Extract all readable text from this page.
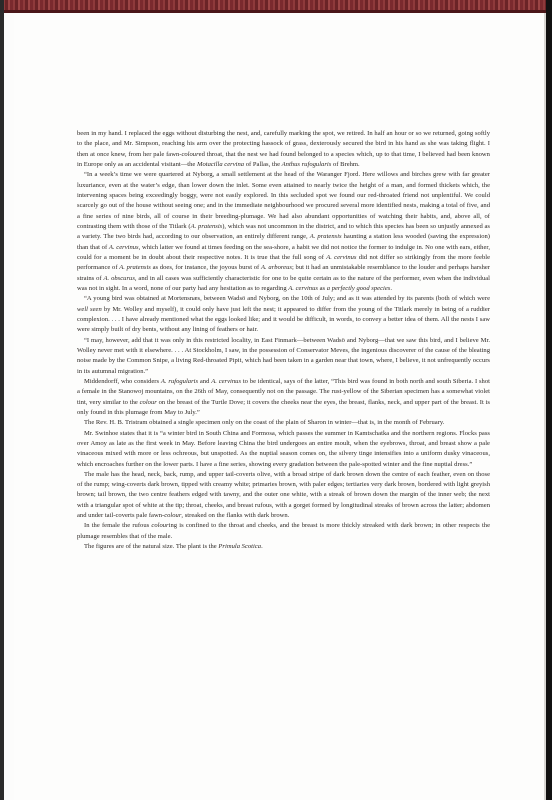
been in my hand. I replaced the eggs without disturbing the nest, and, carefully marking the spot, we retired. In half an hour or so we returned, going softly to the place, and Mr. Simpson, reaching his arm over the protecting hassock of grass, dexterously secured the bird in his hand as she was taking flight. I then at once knew, from her pale fawn-coloured throat, that the nest we had found belonged to a species which, up to that time, I believed had been known in Europe only as an accidental visitant—the Motacilla cervina of Pallas, the Anthus rufogularis of Brehm.

“In a week’s time we were quartered at Nyborg, a small settlement at the head of the Waranger Fjord. Here willows and birches grew with far greater luxuriance, even at the water’s edge, than lower down the inlet. Some even attained to nearly twice the height of a man, and formed thickets which, the intervening spaces being exceedingly boggy, were not easily explored. In this secluded spot we found our red-throated friend not unplentiful. We could scarcely go out of the house without seeing one; and in the immediate neighbourhood we procured several more identified nests, making a total of five, and a fine series of nine birds, all of course in their breeding-plumage. We had also abundant opportunities of watching their habits, and, above all, of contrasting them with those of the Titlark (A. pratensis), which was not uncommon in the district, and to which this species has been so unjustly annexed as a variety. The two birds had, according to our observation, an entirely different range, A. pratensis haunting a station less wooded (saving the expression) than that of A. cervinus, which latter we found at times feeding on the sea-shore, a habit we did not notice the former to indulge in. No one with ears, either, could for a moment be in doubt about their respective notes. It is true that the full song of A. cervinus did not differ so strikingly from the more feeble performance of A. pratensis as does, for instance, the joyous burst of A. arboreus; but it had an unmistakable resemblance to the louder and perhaps harsher strains of A. obscurus, and in all cases was sufficiently characteristic for one to be quite certain as to the nature of the performer, even when the individual was not in sight. In a word, none of our party had any hesitation as to regarding A. cervinus as a perfectly good species.

“A young bird was obtained at Mortensnæs, between Wadsö and Nyborg, on the 10th of July; and as it was attended by its parents (both of which were well seen by Mr. Wolley and myself), it could only have just left the nest; it appeared to differ from the young of the Titlark merely in being of a ruddier complexion. . . . I have already mentioned what the eggs looked like; and it would be difficult, in words, to convey a better idea of them. All the nests I saw were simply built of dry bents, without any lining of feathers or hair.

“I may, however, add that it was only in this restricted locality, in East Finmark—between Wadsö and Nyborg—that we saw this bird, and I believe Mr. Wolley never met with it elsewhere. . . . At Stockholm, I saw, in the possession of Conservator Meves, the ingenious discoverer of the cause of the bleating noise made by the Common Snipe, a living Red-throated Pipit, which had been taken in a garden near that town, where, I believe, it not unfrequently occurs in its autumnal migration.”

Middendorff, who considers A. rufogularis and A. cervinus to be identical, says of the latter, “This bird was found in both north and south Siberia. I shot a female in the Stanowoj mountains, on the 26th of May, consequently not on the passage. The rust-yellow of the Siberian specimen has a somewhat violet tint, very similar to the colour on the breast of the Turtle Dove; it covers the cheeks near the eyes, the breast, flanks, neck, and upper part of the breast. It is only found in this plumage from May to July.”

The Rev. H. B. Tristram obtained a single specimen only on the coast of the plain of Sharon in winter—that is, in the month of February.

Mr. Swinhoe states that it is “a winter bird in South China and Formosa, which passes the summer in Kamtschatka and the northern regions. Flocks pass over Amoy as late as the first week in May. Before leaving China the bird undergoes an entire moult, when the eyebrows, throat, and breast show a pale vinaceous mixed with more or less ochreous, but unspotted. As the nuptial season comes on, the silvery tinge intensifies into a uniform dusky vinaceous, which encroaches further on the lower parts. I have a fine series, showing every gradation between the pale-spotted winter and the fine nuptial dress.”

The male has the head, neck, back, rump, and upper tail-coverts olive, with a broad stripe of dark brown down the centre of each feather, even on those of the rump; wing-coverts dark brown, tipped with creamy white; primaries brown, with paler edges; tertiaries very dark brown, bordered with light greyish brown; tail brown, the two centre feathers edged with tawny, and the outer one white, with a streak of brown down the margin of the inner web; the next with a triangular spot of white at the tip; throat, cheeks, and breast rufous, with a gorget formed by longitudinal streaks of brown across the latter; abdomen and under tail-coverts pale fawn-colour, streaked on the flanks with dark brown.

In the female the rufous colouring is confined to the throat and cheeks, and the breast is more thickly streaked with dark brown; in other respects the plumage resembles that of the male.

The figures are of the natural size. The plant is the Primula Scotica.
